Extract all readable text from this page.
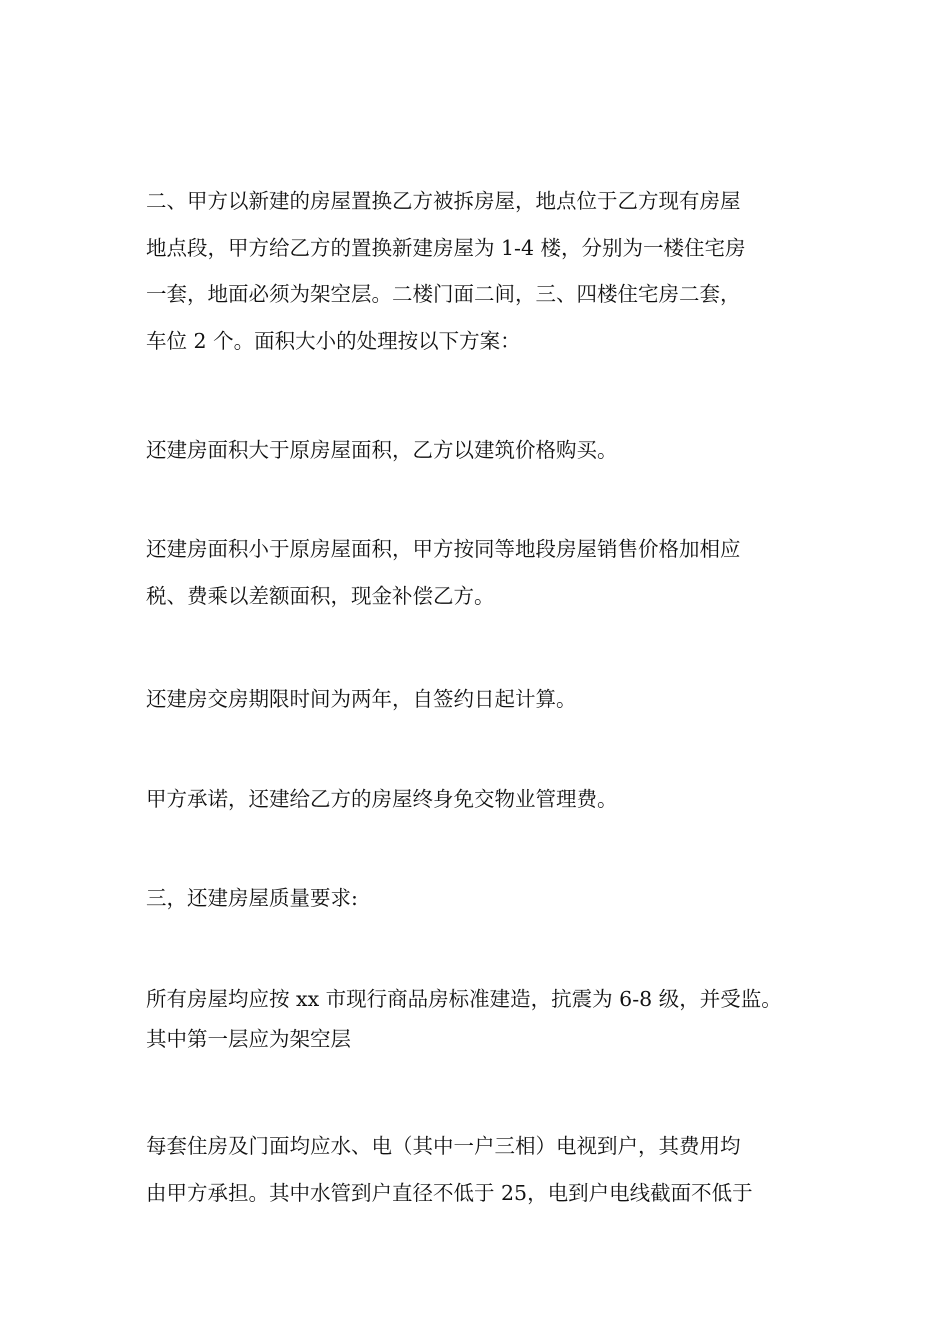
二、甲方以新建的房屋置换乙方被拆房屋，地点位于乙方现有房屋
地点段，甲方给乙方的置换新建房屋为 1-4 楼，分别为一楼住宅房
一套，地面必须为架空层。二楼门面二间，三、四楼住宅房二套，
车位 2 个。面积大小的处理按以下方案：
还建房面积大于原房屋面积，乙方以建筑价格购买。
还建房面积小于原房屋面积，甲方按同等地段房屋销售价格加相应
税、费乘以差额面积，现金补偿乙方。
还建房交房期限时间为两年，自签约日起计算。
甲方承诺，还建给乙方的房屋终身免交物业管理费。
三，还建房屋质量要求:
所有房屋均应按 xx 市现行商品房标准建造，抗震为 6-8 级，并受监。
其中第一层应为架空层
每套住房及门面均应水、电（其中一户三相）电视到户，其费用均
由甲方承担。其中水管到户直径不低于 25，电到户电线截面不低于
